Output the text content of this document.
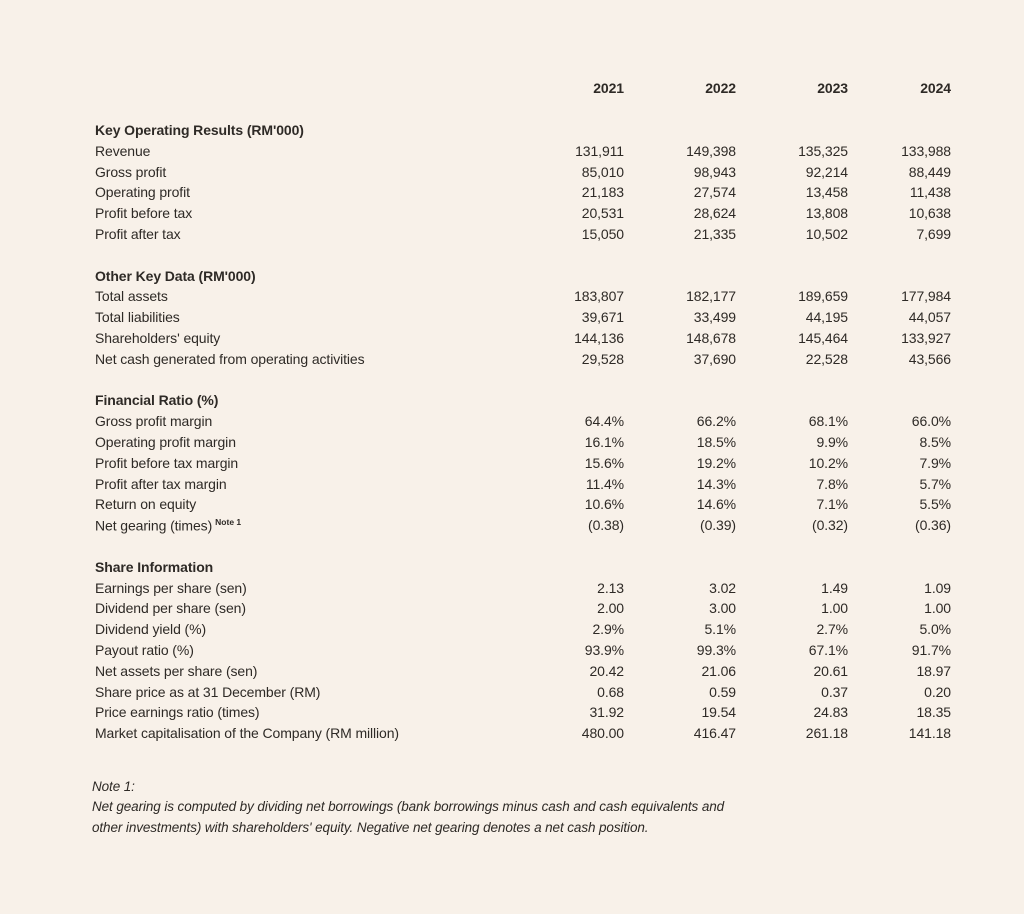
2021	2022	2023	2024
Key Operating Results (RM'000)
Revenue	131,911	149,398	135,325	133,988
Gross profit	85,010	98,943	92,214	88,449
Operating profit	21,183	27,574	13,458	11,438
Profit before tax	20,531	28,624	13,808	10,638
Profit after tax	15,050	21,335	10,502	7,699
Other Key Data (RM'000)
Total assets	183,807	182,177	189,659	177,984
Total liabilities	39,671	33,499	44,195	44,057
Shareholders' equity	144,136	148,678	145,464	133,927
Net cash generated from operating activities	29,528	37,690	22,528	43,566
Financial Ratio (%)
Gross profit margin	64.4%	66.2%	68.1%	66.0%
Operating profit margin	16.1%	18.5%	9.9%	8.5%
Profit before tax margin	15.6%	19.2%	10.2%	7.9%
Profit after tax margin	11.4%	14.3%	7.8%	5.7%
Return on equity	10.6%	14.6%	7.1%	5.5%
Net gearing (times) $^{Note 1}$	(0.38)	(0.39)	(0.32)	(0.36)
Share Information
Earnings per share (sen)	2.13	3.02	1.49	1.09
Dividend per share (sen)	2.00	3.00	1.00	1.00
Dividend yield (%)	2.9%	5.1%	2.7%	5.0%
Payout ratio (%)	93.9%	99.3%	67.1%	91.7%
Net assets per share (sen)	20.42	21.06	20.61	18.97
Share price as at 31 December (RM)	0.68	0.59	0.37	0.20
Price earnings ratio (times)	31.92	19.54	24.83	18.35
Market capitalisation of the Company (RM million)	480.00	416.47	261.18	141.18
Note 1:
Net gearing is computed by dividing net borrowings (bank borrowings minus cash and cash equivalents and
other investments) with shareholders' equity. Negative net gearing denotes a net cash position.
